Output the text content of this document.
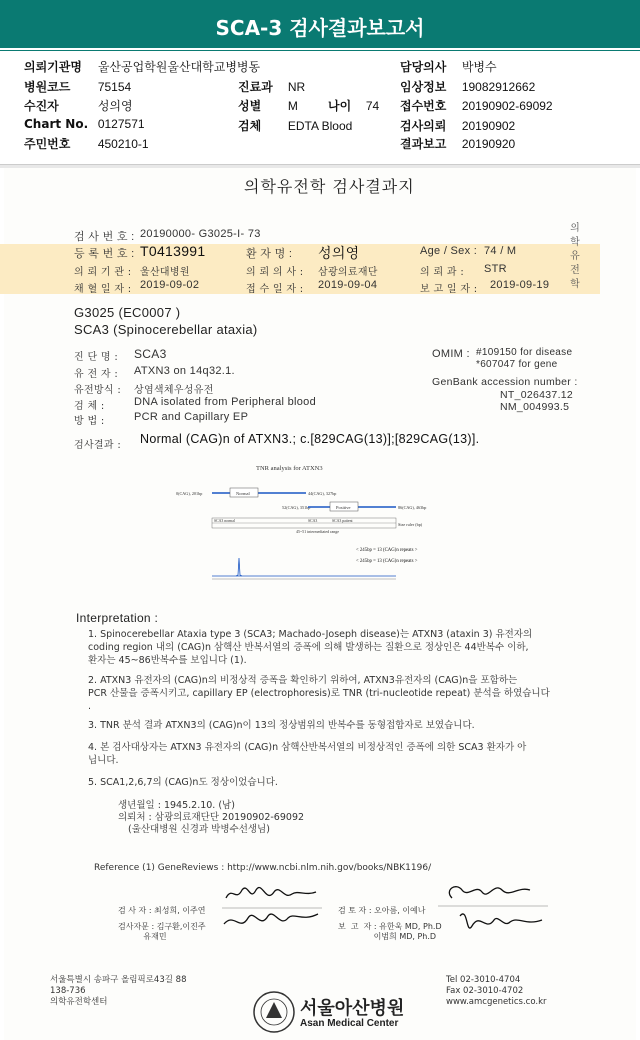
SCA-3 검사결과보고서
의뢰기관명 울산공업학원울산대학교병병동	담당의사 박병수
병원코드 75154	진료과 NR	임상정보 19082912662
수진자	성의영	성별 M	나이 74 접수번호 20190902-69092
Chart No. 0127571	검체 EDTA Blood	검사의뢰 20190902
주민번호 450210-1	결과보고 20190920
의학유전학 검사결과지
의
학
유
전
학
검 사 번 호 : 20190000- G3025-I- 73
등 록 번 호 : T0413991	환 자 명 : 성의영	Age / Sex : 74 / M
의 뢰 기 관 : 울산대병원	의 뢰 의 사 : 삼광의료재단	의 뢰 과 : STR
채 혈 일 자 : 2019-09-02	접 수 일 자 : 2019-09-04	보 고 일 자 : 2019-09-19
G3025 (EC0007 )
SCA3 (Spinocerebellar ataxia)
진 단 명 : SCA3
유 전 자 : ATXN3 on 14q32.1.
유전방식 : 상염색체우성유전
검 체 :	DNA isolated from Peripheral blood
방 법 :	PCR and Capillary EP
OMIM : #109150 for disease
*607047 for gene
GenBank accession number :
NT_026437.12
NM_004993.5
검사결과 : Normal (CAG)n of ATXN3.; c.[829CAG(13)];[829CAG(13)].
TNR analysis for ATXN3
0(CAG), 201bp	Normal	44(CAG), 327bp
52(CAG), 351bp	Positive	86(CAG), 463bp
SCA3 normal	SCA3	SCA3 patient
Size ruler (bp)
45~51 intermediated range
< 245bp = 13 (CAG)n repeats >
< 245bp = 13 (CAG)n repeats >
Interpretation :
1. Spinocerebellar Ataxia type 3 (SCA3; Machado-Joseph disease)는 ATXN3 (ataxin 3) 유전자의
coding region 내의 (CAG)n 삼핵산 반복서열의 증폭에 의해 발생하는 질환으로 정상인은 44반복수 이하,
환자는 45~86반복수를 보입니다 (1).
2. ATXN3 유전자의 (CAG)n의 비정상적 증폭을 확인하기 위하여, ATXN3유전자의 (CAG)n을 포함하는
PCR 산물을 증폭시키고, capillary EP (electrophoresis)로 TNR (tri-nucleotide repeat) 분석을 하였습니다
.
3. TNR 분석 결과 ATXN3의 (CAG)n이 13의 정상범위의 반복수를 동형접합자로 보였습니다.
4. 본 검사대상자는 ATXN3 유전자의 (CAG)n 삼핵산반복서열의 비정상적인 증폭에 의한 SCA3 환자가 아
닙니다.
5. SCA1,2,6,7의 (CAG)n도 정상이었습니다.
생년월일 : 1945.2.10. (남)
의뢰처 : 삼광의료재단단 20190902-69092
(울산대병원 신경과 박병수선생님)
Reference (1) GeneReviews : http://www.ncbi.nlm.nih.gov/books/NBK1196/
검 사 자 : 최성희, 이주연	검 토 자 : 오아름, 이예나
검사자문 : 김구환,이진주
유재민
보  고  자 : 유한욱 MD, Ph.D
이범희 MD, Ph.D
서울특별시 송파구 올림픽로43길 88
138-736
의학유전학센터	서울아산병원
Asan Medical Center
Tel 02-3010-4704
Fax 02-3010-4702
www.amcgenetics.co.kr
